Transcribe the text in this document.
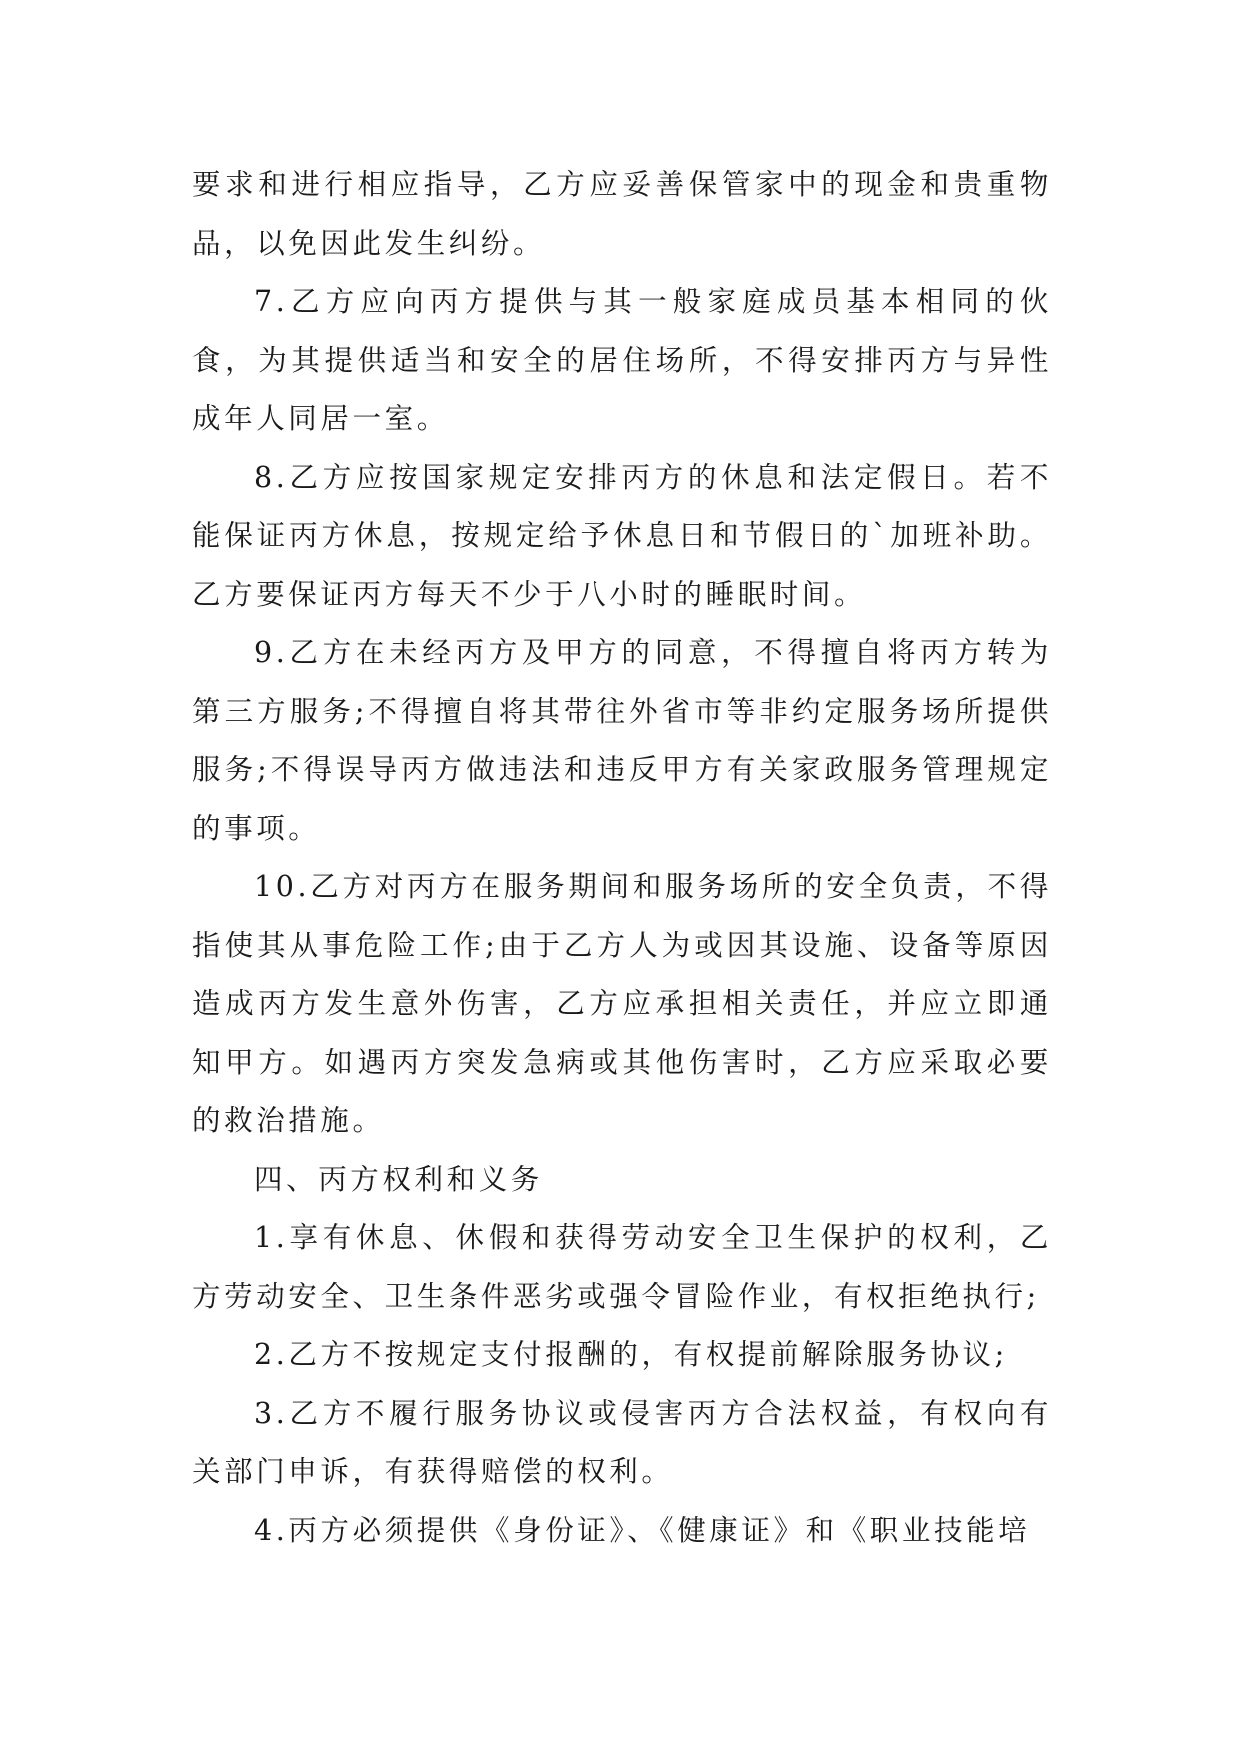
要求和进行相应指导，乙方应妥善保管家中的现金和贵重物品，以免因此发生纠纷。

7.乙方应向丙方提供与其一般家庭成员基本相同的伙食，为其提供适当和安全的居住场所，不得安排丙方与异性成年人同居一室。

8.乙方应按国家规定安排丙方的休息和法定假日。若不能保证丙方休息，按规定给予休息日和节假日的`加班补助。乙方要保证丙方每天不少于八小时的睡眠时间。

9.乙方在未经丙方及甲方的同意，不得擅自将丙方转为第三方服务;不得擅自将其带往外省市等非约定服务场所提供服务;不得误导丙方做违法和违反甲方有关家政服务管理规定的事项。

10.乙方对丙方在服务期间和服务场所的安全负责，不得指使其从事危险工作;由于乙方人为或因其设施、设备等原因造成丙方发生意外伤害，乙方应承担相关责任，并应立即通知甲方。如遇丙方突发急病或其他伤害时，乙方应采取必要的救治措施。

四、丙方权利和义务

1.享有休息、休假和获得劳动安全卫生保护的权利，乙方劳动安全、卫生条件恶劣或强令冒险作业，有权拒绝执行;

2.乙方不按规定支付报酬的，有权提前解除服务协议;

3.乙方不履行服务协议或侵害丙方合法权益，有权向有关部门申诉，有获得赔偿的权利。

4.丙方必须提供《身份证》、《健康证》和《职业技能培
